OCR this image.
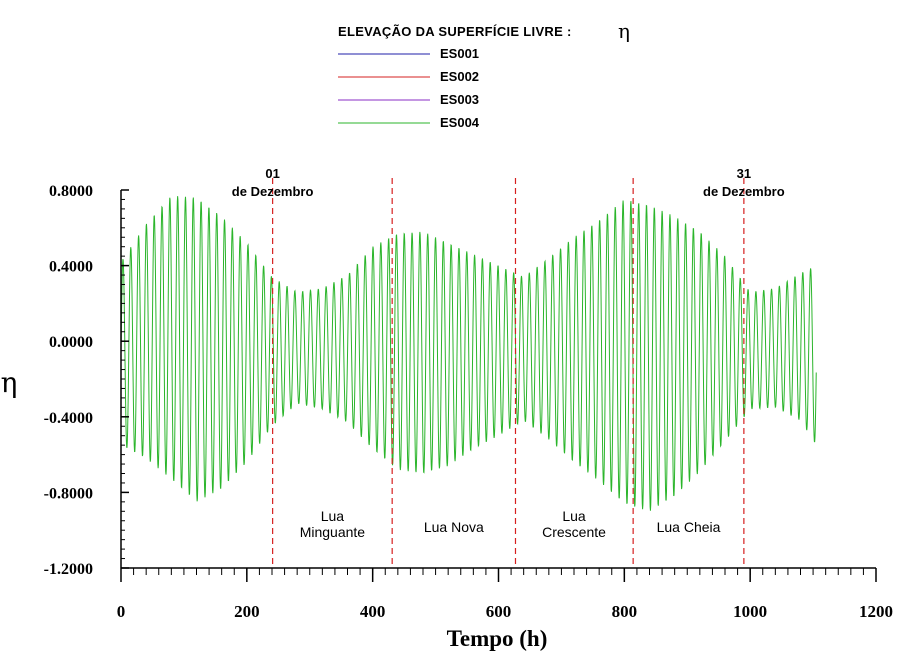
ELEVAÇÃO DA SUPERFÍCIE LIVRE : η
ES001
ES002
ES003
ES004
01
de Dezembro
31
de Dezembro
Lua
Minguante	Lua Nova
Lua
Crescente	Lua Cheia
0.8000
0.4000
0.0000
-0.4000
-0.8000
-1.2000
0	200	400	600	800	1000	1200
Tempo (h)
η
